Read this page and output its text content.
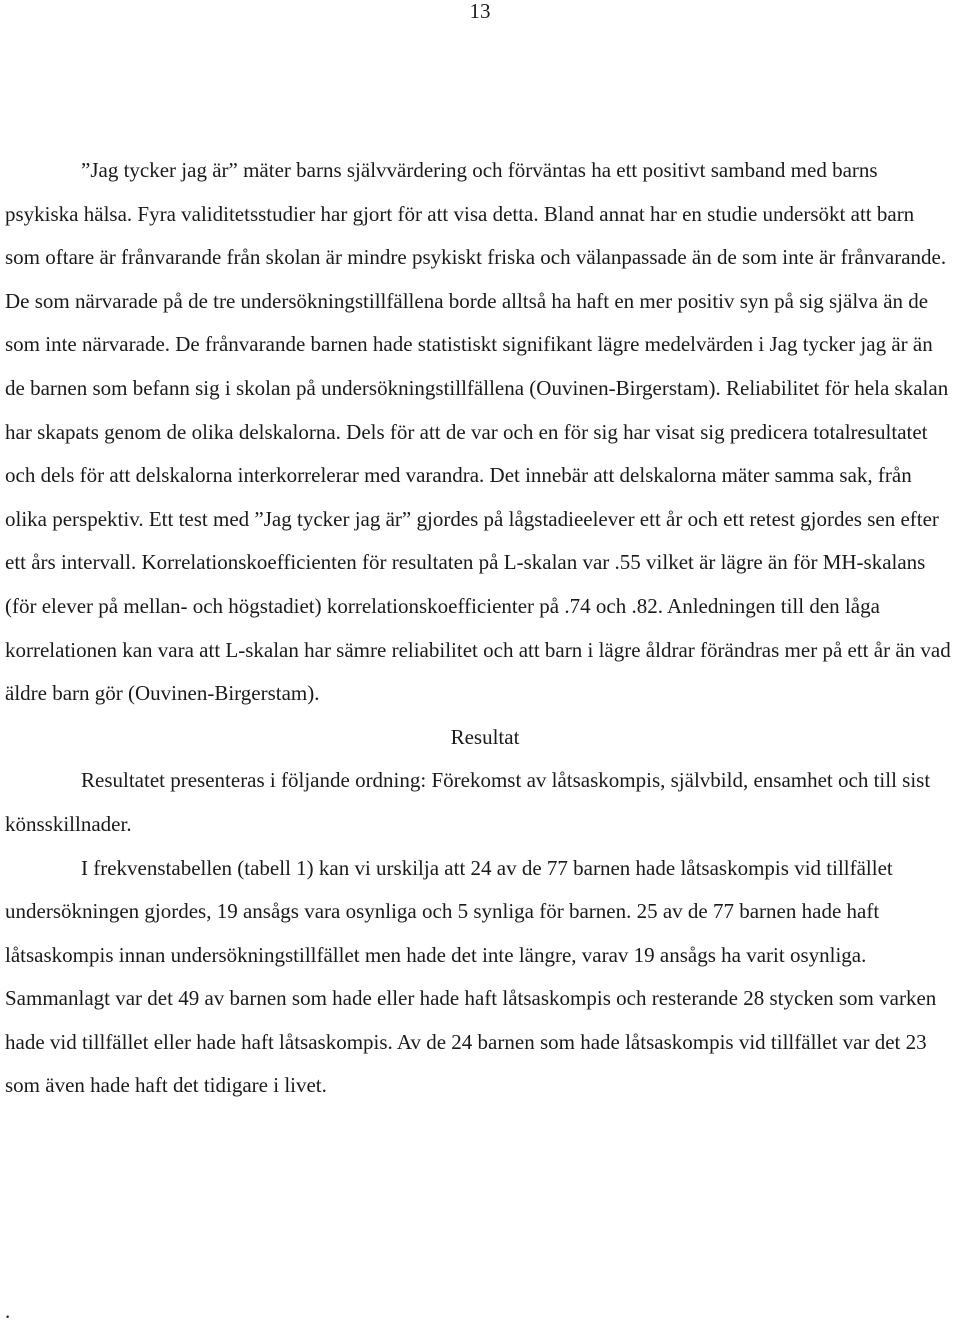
13

”Jag tycker jag är” mäter barns självvärdering och förväntas ha ett positivt samband med barns psykiska hälsa. Fyra validitetsstudier har gjort för att visa detta. Bland annat har en studie undersökt att barn som oftare är frånvarande från skolan är mindre psykiskt friska och välanpassade än de som inte är frånvarande. De som närvarade på de tre undersökningstillfällena borde alltså ha haft en mer positiv syn på sig själva än de som inte närvarade. De frånvarande barnen hade statistiskt signifikant lägre medelvärden i Jag tycker jag är än de barnen som befann sig i skolan på undersökningstillfällena (Ouvinen-Birgerstam). Reliabilitet för hela skalan har skapats genom de olika delskalorna. Dels för att de var och en för sig har visat sig predicera totalresultatet och dels för att delskalorna interkorrelerar med varandra. Det innebär att delskalorna mäter samma sak, från olika perspektiv. Ett test med ”Jag tycker jag är” gjordes på lågstadieelever ett år och ett retest gjordes sen efter ett års intervall. Korrelationskoefficienten för resultaten på L-skalan var .55 vilket är lägre än för MH-skalans (för elever på mellan- och högstadiet) korrelationskoefficienter på .74 och .82. Anledningen till den låga korrelationen kan vara att L-skalan har sämre reliabilitet och att barn i lägre åldrar förändras mer på ett år än vad äldre barn gör (Ouvinen-Birgerstam).

Resultat

Resultatet presenteras i följande ordning: Förekomst av låtsaskompis, självbild, ensamhet och till sist könsskillnader.

I frekvenstabellen (tabell 1) kan vi urskilja att 24 av de 77 barnen hade låtsaskompis vid tillfället undersökningen gjordes, 19 ansågs vara osynliga och 5 synliga för barnen. 25 av de 77 barnen hade haft låtsaskompis innan undersökningstillfället men hade det inte längre, varav 19 ansågs ha varit osynliga. Sammanlagt var det 49 av barnen som hade eller hade haft låtsaskompis och resterande 28 stycken som varken hade vid tillfället eller hade haft låtsaskompis. Av de 24 barnen som hade låtsaskompis vid tillfället var det 23 som även hade haft det tidigare i livet.

.
